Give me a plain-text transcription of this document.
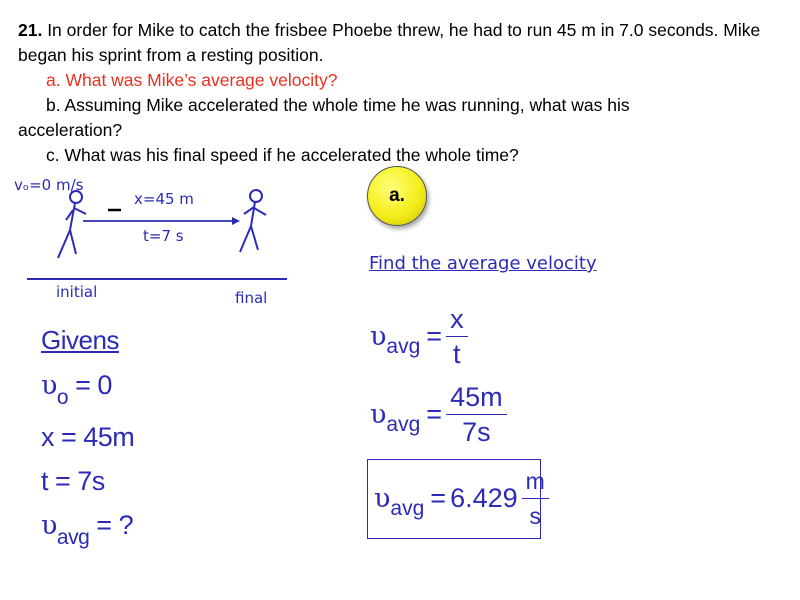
21. In order for Mike to catch the frisbee Phoebe threw, he had to run 45 m in 7.0 seconds. Mike began his sprint from a resting position.

a. What was Mike’s average velocity?

b. Assuming Mike accelerated the whole time he was running, what was his

acceleration?

c. What was his final speed if he accelerated the whole time?

vₒ=0 m/s
x=45 m
t=7 s
initial	final
a.
Find the average velocity
Givens
$\upsilon_o = 0$
x = 45m
t = 7s
$\upsilon_{avg}$ = ?
υ avg = $\frac{x}{t}$
υ avg = $\frac{45m}{7s}$
υ avg = $6.429 \frac{m}{s}$
